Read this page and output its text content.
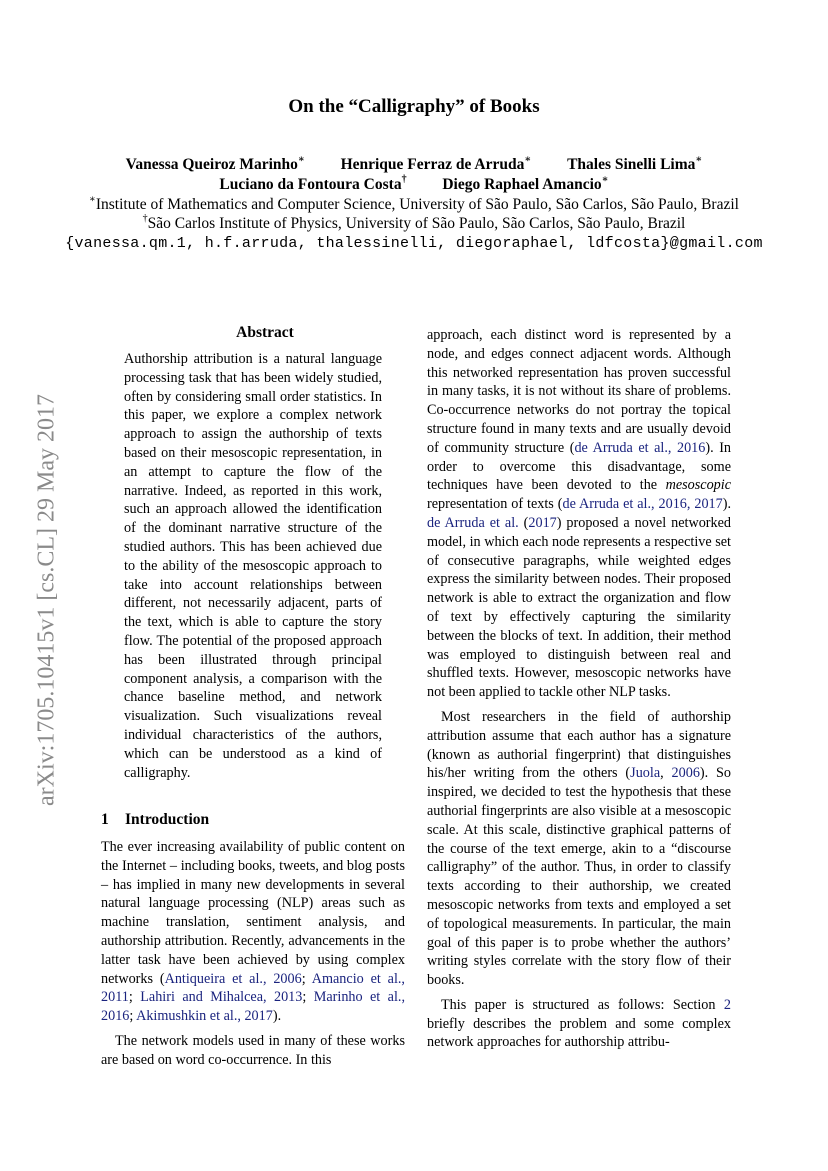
On the “Calligraphy” of Books
Vanessa Queiroz Marinho∗ Henrique Ferraz de Arruda∗ Thales Sinelli Lima∗
Luciano da Fontoura Costa† Diego Raphael Amancio∗
∗Institute of Mathematics and Computer Science, University of São Paulo, São Carlos, São Paulo, Brazil
†São Carlos Institute of Physics, University of São Paulo, São Carlos, São Paulo, Brazil
{vanessa.qm.1, h.f.arruda, thalessinelli, diegoraphael, ldfcosta}@gmail.com
arXiv:1705.10415v1 [cs.CL] 29 May 2017
Abstract
Authorship attribution is a natural language processing task that has been widely studied, often by considering small order statistics. In this paper, we explore a complex network approach to assign the authorship of texts based on their mesoscopic representation, in an attempt to capture the flow of the narrative. Indeed, as reported in this work, such an approach allowed the identification of the dominant narrative structure of the studied authors. This has been achieved due to the ability of the mesoscopic approach to take into account relationships between different, not necessarily adjacent, parts of the text, which is able to capture the story flow. The potential of the proposed approach has been illustrated through principal component analysis, a comparison with the chance baseline method, and network visualization. Such visualizations reveal individual characteristics of the authors, which can be understood as a kind of calligraphy.
1 Introduction

The ever increasing availability of public content on the Internet – including books, tweets, and blog posts – has implied in many new developments in several natural language processing (NLP) areas such as machine translation, sentiment analysis, and authorship attribution. Recently, advancements in the latter task have been achieved by using complex networks (Antiqueira et al., 2006; Amancio et al., 2011; Lahiri and Mihalcea, 2013; Marinho et al., 2016; Akimushkin et al., 2017).

The network models used in many of these works are based on word co-occurrence. In this

approach, each distinct word is represented by a node, and edges connect adjacent words. Although this networked representation has proven successful in many tasks, it is not without its share of problems. Co-occurrence networks do not portray the topical structure found in many texts and are usually devoid of community structure (de Arruda et al., 2016). In order to overcome this disadvantage, some techniques have been devoted to the mesoscopic representation of texts (de Arruda et al., 2016, 2017). de Arruda et al. (2017) proposed a novel networked model, in which each node represents a respective set of consecutive paragraphs, while weighted edges express the similarity between nodes. Their proposed network is able to extract the organization and flow of text by effectively capturing the similarity between the blocks of text. In addition, their method was employed to distinguish between real and shuffled texts. However, mesoscopic networks have not been applied to tackle other NLP tasks.

Most researchers in the field of authorship attribution assume that each author has a signature (known as authorial fingerprint) that distinguishes his/her writing from the others (Juola, 2006). So inspired, we decided to test the hypothesis that these authorial fingerprints are also visible at a mesoscopic scale. At this scale, distinctive graphical patterns of the course of the text emerge, akin to a “discourse calligraphy” of the author. Thus, in order to classify texts according to their authorship, we created mesoscopic networks from texts and employed a set of topological measurements. In particular, the main goal of this paper is to probe whether the authors’ writing styles correlate with the story flow of their books.

This paper is structured as follows: Section 2 briefly describes the problem and some complex network approaches for authorship attribu-
